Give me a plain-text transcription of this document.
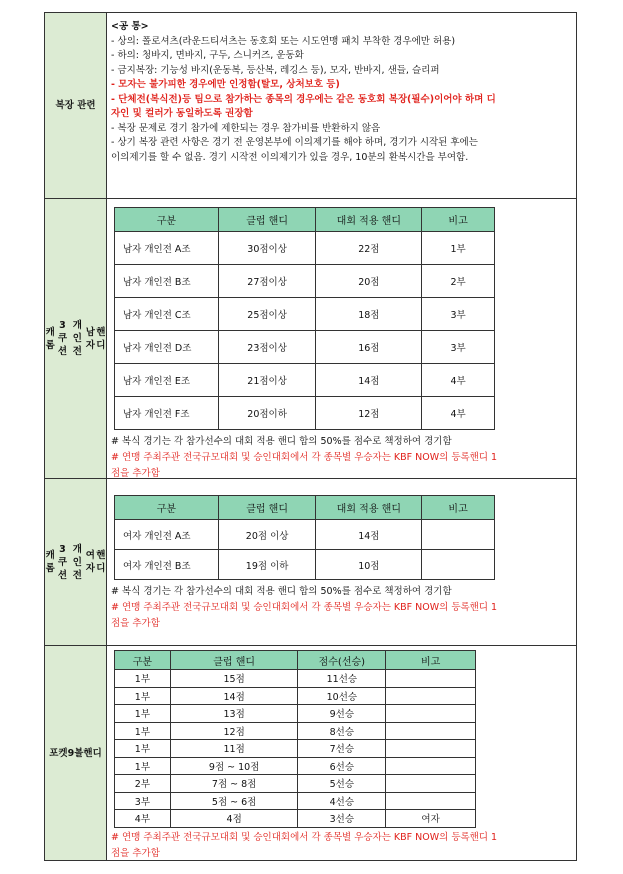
복장 관련
<공 통>
- 상의: 폴로셔츠(라운드티셔츠는 동호회 또는 시도연맹 패치 부착한 경우에만 허용)
- 하의: 청바지, 면바지, 구두, 스니커즈, 운동화
- 금지복장: 기능성 바지(운동복, 등산복, 레깅스 등), 모자, 반바지, 샌들, 슬리퍼
- 모자는 불가피한 경우에만 인정함(탈모, 상처보호 등)
- 단체전(복식전)등 팀으로 참가하는 종목의 경우에는 같은 동호회 복장(필수)이어야 하며 디
자인 및 컬러가 동일하도록 권장함
- 복장 문제로 경기 참가에 제한되는 경우 참가비를 반환하지 않음
- 상기 복장 관련 사항은 경기 전 운영본부에 이의제기를 해야 하며, 경기가 시작된 후에는
이의제기를 할 수 없음. 경기 시작전 이의제기가 있을 경우, 10분의 환복시간을 부여함.
캐롬
3쿠션
개인전
남자
핸디
구분	클럽 핸디	대회 적용 핸디	비고
남자 개인전 A조	30점이상	22점	1부
남자 개인전 B조	27점이상	20점	2부
남자 개인전 C조	25점이상	18점	3부
남자 개인전 D조	23점이상	16점	3부
남자 개인전 E조	21점이상	14점	4부
남자 개인전 F조	20점이하	12점	4부
# 복식 경기는 각 참가선수의 대회 적용 핸디 합의 50%를 점수로 책정하여 경기함
# 연맹 주최주관 전국규모대회 및 승인대회에서 각 종목별 우승자는 KBF NOW의 등록핸디 1
점을 추가함
캐롬
3쿠션
개인전
여자
핸디
구분	클럽 핸디	대회 적용 핸디	비고
여자 개인전 A조	20점 이상	14점	
여자 개인전 B조	19점 이하	10점	
# 복식 경기는 각 참가선수의 대회 적용 핸디 합의 50%를 점수로 책정하여 경기함
# 연맹 주최주관 전국규모대회 및 승인대회에서 각 종목별 우승자는 KBF NOW의 등록핸디 1
점을 추가함
포켓9볼 핸디
구분	클럽 핸디	점수(선승)	비고
1부	15점	11선승	
1부	14점	10선승	
1부	13점	9선승	
1부	12점	8선승	
1부	11점	7선승	
1부	9점 ~ 10점	6선승	
2부	7점 ~ 8점	5선승	
3부	5점 ~ 6점	4선승	
4부	4점	3선승	여자
# 연맹 주최주관 전국규모대회 및 승인대회에서 각 종목별 우승자는 KBF NOW의 등록핸디 1
점을 추가함
